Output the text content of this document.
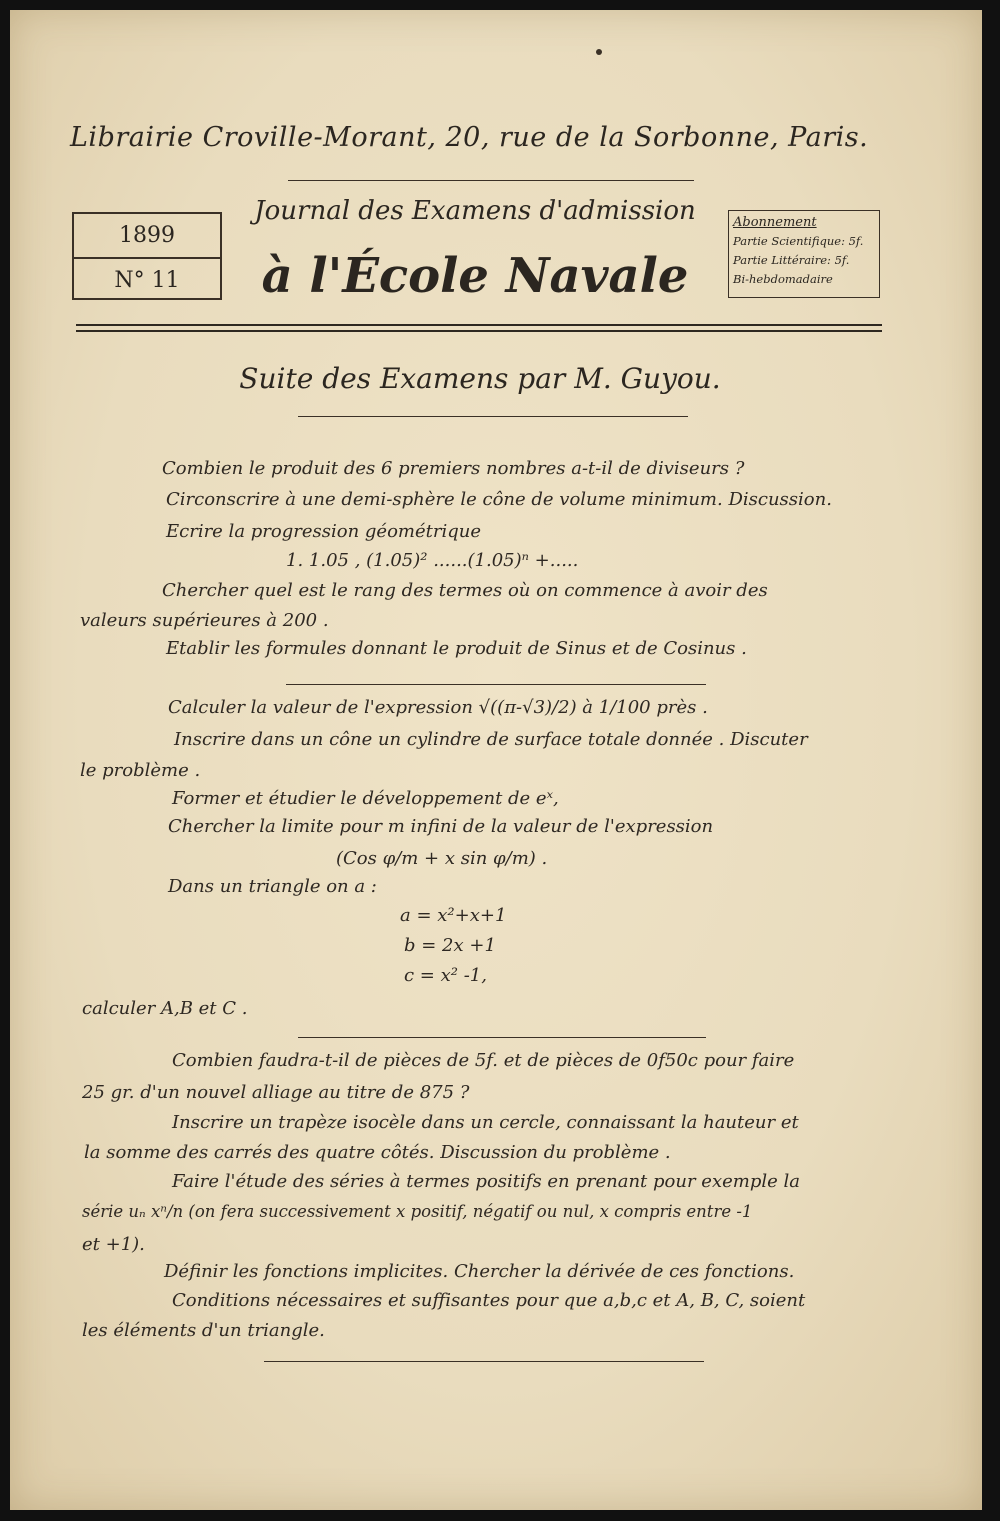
Librairie Croville-Morant, 20, rue de la Sorbonne, Paris.
1899
N° 11
Journal des Examens d'admission
à l'École Navale
Abonnement
Partie Scientifique: 5f.
Partie Littéraire: 5f.
Bi-hebdomadaire
Suite des Examens par M. Guyou.
Combien le produit des 6 premiers nombres a-t-il de diviseurs ?
Circonscrire à une demi-sphère le cône de volume minimum. Discussion.
Ecrire la progression géométrique
1. 1.05 , (1.05)² ......(1.05)ⁿ +.....
Chercher quel est le rang des termes où on commence à avoir des
valeurs supérieures à 200 .
Etablir les formules donnant le produit de Sinus et de Cosinus .
Calculer la valeur de l'expression √((π-√3)/2) à 1/100 près .
Inscrire dans un cône un cylindre de surface totale donnée . Discuter
le problème .
Former et étudier le développement de eˣ,
Chercher la limite pour m infini de la valeur de l'expression
(Cos φ/m + x sin φ/m) .
Dans un triangle on a :
a = x²+x+1
b = 2x +1
c = x² -1,
calculer A,B et C .
Combien faudra-t-il de pièces de 5f. et de pièces de 0f50c pour faire
25 gr. d'un nouvel alliage au titre de 875 ?
Inscrire un trapèze isocèle dans un cercle, connaissant la hauteur et
la somme des carrés des quatre côtés. Discussion du problème .
Faire l'étude des séries à termes positifs en prenant pour exemple la
série uₙ xⁿ/n (on fera successivement x positif, négatif ou nul, x compris entre -1
et +1).
Définir les fonctions implicites. Chercher la dérivée de ces fonctions.
Conditions nécessaires et suffisantes pour que a,b,c et A, B, C, soient
les éléments d'un triangle.
